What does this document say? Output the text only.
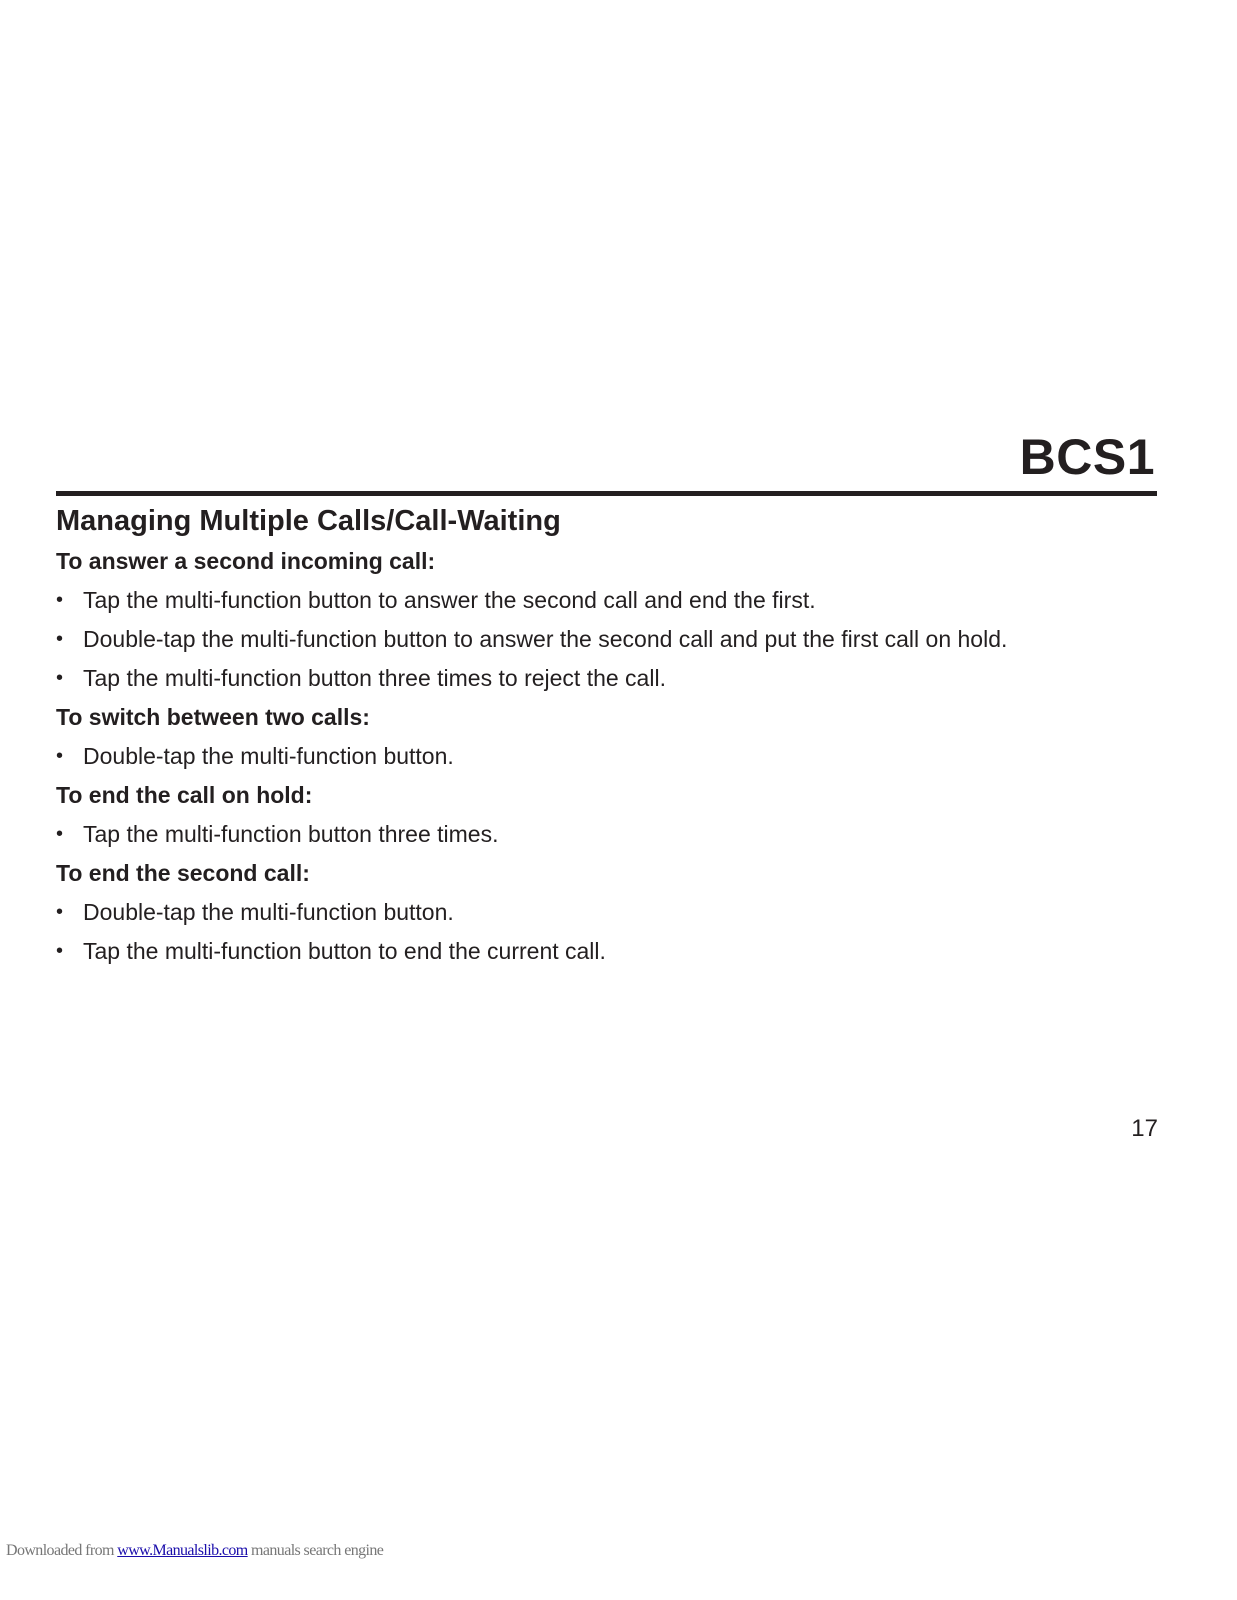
BCS1
Managing Multiple Calls/Call-Waiting
To answer a second incoming call:
• Tap the multi-function button to answer the second call and end the first.
• Double-tap the multi-function button to answer the second call and put the first call on hold.
• Tap the multi-function button three times to reject the call.
To switch between two calls:
• Double-tap the multi-function button.
To end the call on hold:
• Tap the multi-function button three times.
To end the second call:
• Double-tap the multi-function button.
• Tap the multi-function button to end the current call.
17
Downloaded from www.Manualslib.com manuals search engine
